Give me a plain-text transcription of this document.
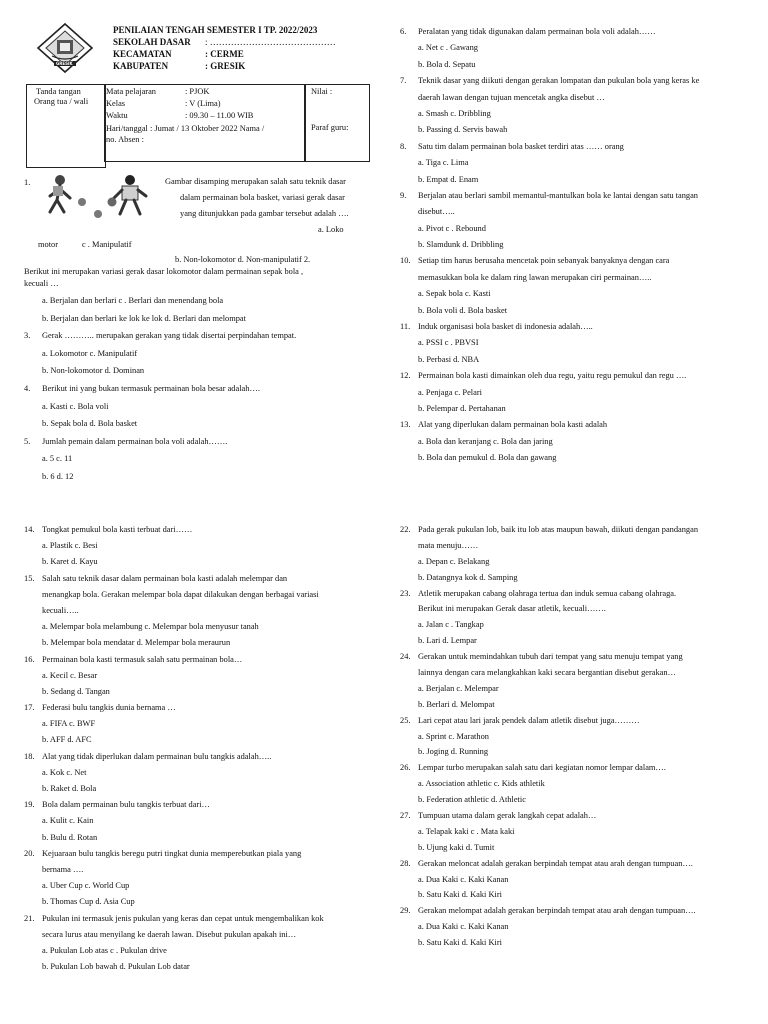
GRESIK
PENILAIAN TENGAH SEMESTER I TP. 2022/2023
SEKOLAH DASAR : ……………………………………
KECAMATAN	: CERME
KABUPATEN	: GRESIK
Tanda tangan
Orang tua / wali
Mata pelajaran	: PJOK
Kelas	: V (Lima)
Waktu	: 09.30 – 11.00 WIB
Hari/tanggal : Jumat / 13 Oktober 2022 Nama /
no. Absen :
Nilai :
Paraf guru:
1.	Gambar disamping merupakan salah satu teknik dasar
dalam permainan bola basket, variasi gerak dasar
yang ditunjukkan pada gambar tersebut adalah ….
a. Loko
motor	c . Manipulatif
b. Non-lokomotor d. Non-manipulatif 2.
Berikut ini merupakan variasi gerak dasar lokomotor dalam permainan sepak bola ,
kecuali …
a. Berjalan dan berlari c . Berlari dan menendang bola
b. Berjalan dan berlari ke lok ke lok d. Berlari dan melompat
3. Gerak ……….. merupakan gerakan yang tidak disertai perpindahan tempat.
a. Lokomotor c. Manipulatif
b. Non-lokomotor d. Dominan
4. Berikut ini yang bukan termasuk permainan bola besar adalah….
a. Kasti c. Bola voli
b. Sepak bola d. Bola basket
5. Jumlah pemain dalam permainan bola voli adalah…….
a. 5 c. 11
b. 6 d. 12
6. Peralatan yang tidak digunakan dalam permainan bola voli adalah……
a. Net c . Gawang
b. Bola d. Sepatu
7. Teknik dasar yang diikuti dengan gerakan lompatan dan pukulan bola yang keras ke
daerah lawan dengan tujuan mencetak angka disebut …
a. Smash c. Dribbling
b. Passing d. Servis bawah
8. Satu tim dalam permainan bola basket terdiri atas …… orang
a. Tiga c. Lima
b. Empat d. Enam
9. Berjalan atau berlari sambil memantul-mantulkan bola ke lantai dengan satu tangan
disebut…..
a. Pivot c . Rebound
b. Slamdunk d. Dribbling
10. Setiap tim harus berusaha mencetak poin sebanyak banyaknya dengan cara
memasukkan bola ke dalam ring lawan merupakan ciri permainan…..
a. Sepak bola c. Kasti
b. Bola voli d. Bola basket
11. Induk organisasi bola basket di indonesia adalah…..
a. PSSI c . PBVSI
b. Perbasi d. NBA
12. Permainan bola kasti dimainkan oleh dua regu, yaitu regu pemukul dan regu ….
a. Penjaga c. Pelari
b. Pelempar d. Pertahanan
13. Alat yang diperlukan dalam permainan bola kasti adalah
a. Bola dan keranjang c. Bola dan jaring
b. Bola dan pemukul d. Bola dan gawang
14. Tongkat pemukul bola kasti terbuat dari……
a. Plastik c. Besi
b. Karet d. Kayu
15. Salah satu teknik dasar dalam permainan bola kasti adalah melempar dan
menangkap bola. Gerakan melempar bola dapat dilakukan dengan berbagai variasi
kecuali…..
a. Melempar bola melambung c. Melempar bola menyusur tanah
b. Melempar bola mendatar d. Melempar bola meraurun
16. Permainan bola kasti termasuk salah satu permainan bola…
a. Kecil c. Besar
b. Sedang d. Tangan
17. Federasi bulu tangkis dunia bernama …
a. FIFA c. BWF
b. AFF d. AFC
18. Alat yang tidak diperlukan dalam permainan bulu tangkis adalah…..
a. Kok c. Net
b. Raket d. Bola
19. Bola dalam permainan bulu tangkis terbuat dari…
a. Kulit c. Kain
b. Bulu d. Rotan
20. Kejuaraan bulu tangkis beregu putri tingkat dunia memperebutkan piala yang
bernama ….
a. Uber Cup c. World Cup
b. Thomas Cup d. Asia Cup
21. Pukulan ini termasuk jenis pukulan yang keras dan cepat untuk mengembalikan kok
secara lurus atau menyilang ke daerah lawan. Disebut pukulan apakah ini…
a. Pukulan Lob atas c . Pukulan drive
b. Pukulan Lob bawah d. Pukulan Lob datar
22. Pada gerak pukulan lob, baik itu lob atas maupun bawah, diikuti dengan pandangan
mata menuju……
a. Depan c. Belakang
b. Datangnya kok d. Samping
23. Atletik merupakan cabang olahraga tertua dan induk semua cabang olahraga.
Berikut ini merupakan Gerak dasar atletik, kecuali…….
a. Jalan c . Tangkap
b. Lari d. Lempar
24. Gerakan untuk memindahkan tubuh dari tempat yang satu menuju tempat yang
lainnya dengan cara melangkahkan kaki secara bergantian disebut gerakan…
a. Berjalan c. Melempar
b. Berlari d. Melompat
25. Lari cepat atau lari jarak pendek dalam atletik disebut juga………
a. Sprint c. Marathon
b. Joging d. Running
26. Lempar turbo merupakan salah satu dari kegiatan nomor lempar dalam….
a. Association athletic c. Kids athletik
b. Federation athletic d. Athletic
27. Tumpuan utama dalam gerak langkah cepat adalah…
a. Telapak kaki c . Mata kaki
b. Ujung kaki d. Tumit
28. Gerakan meloncat adalah gerakan berpindah tempat atau arah dengan tumpuan….
a. Dua Kaki c. Kaki Kanan
b. Satu Kaki d. Kaki Kiri
29. Gerakan melompat adalah gerakan berpindah tempat atau arah dengan tumpuan….
a. Dua Kaki c. Kaki Kanan
b. Satu Kaki d. Kaki Kiri
